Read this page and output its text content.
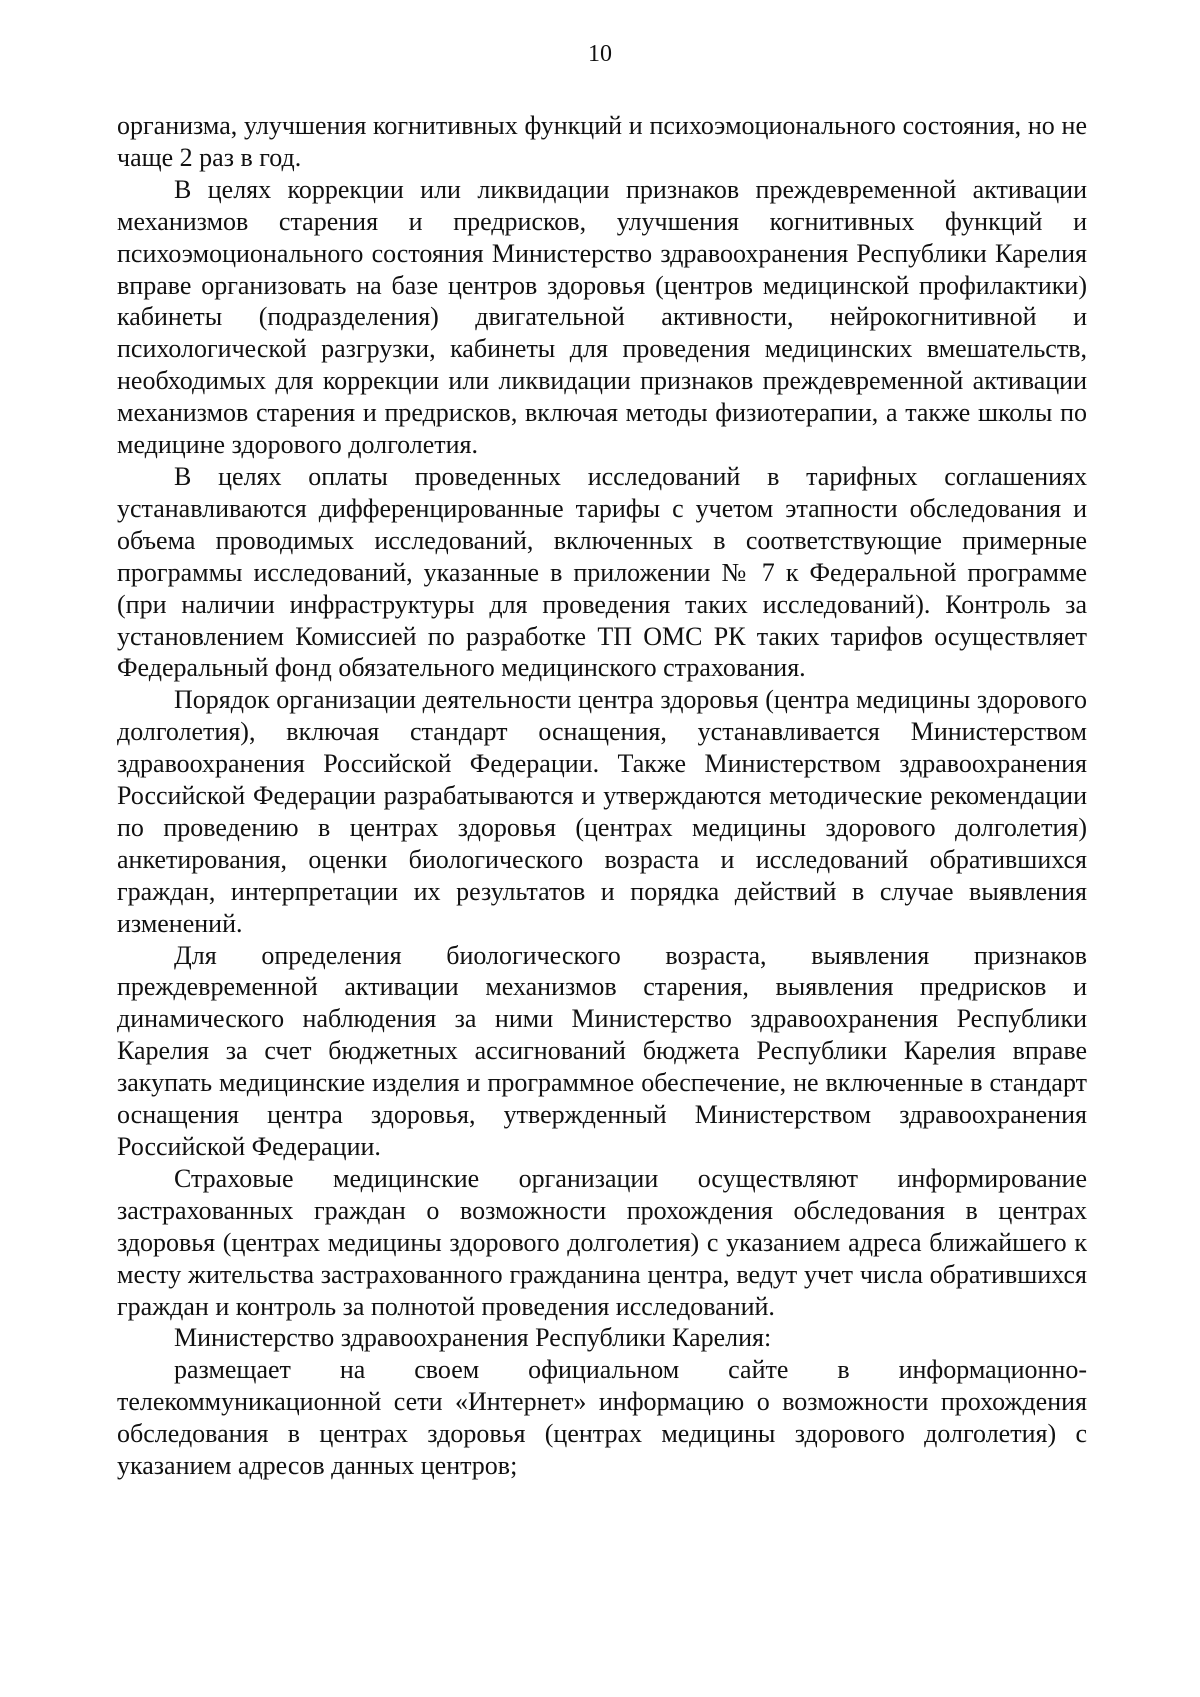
10

организма, улучшения когнитивных функций и психоэмоционального состояния, но не чаще 2 раз в год.

В целях коррекции или ликвидации признаков преждевременной активации механизмов старения и предрисков, улучшения когнитивных функций и психоэмоционального состояния Министерство здравоохранения Республики Карелия вправе организовать на базе центров здоровья (центров медицинской профилактики) кабинеты (подразделения) двигательной активности, нейрокогнитивной и психологической разгрузки, кабинеты для проведения медицинских вмешательств, необходимых для коррекции или ликвидации признаков преждевременной активации механизмов старения и предрисков, включая методы физиотерапии, а также школы по медицине здорового долголетия.

В целях оплаты проведенных исследований в тарифных соглашениях устанавливаются дифференцированные тарифы с учетом этапности обследования и объема проводимых исследований, включенных в соответствующие примерные программы исследований, указанные в приложении № 7 к Федеральной программе (при наличии инфраструктуры для проведения таких исследований). Контроль за установлением Комиссией по разработке ТП ОМС РК таких тарифов осуществляет Федеральный фонд обязательного медицинского страхования.

Порядок организации деятельности центра здоровья (центра медицины здорового долголетия), включая стандарт оснащения, устанавливается Министерством здравоохранения Российской Федерации. Также Министерством здравоохранения Российской Федерации разрабатываются и утверждаются методические рекомендации по проведению в центрах здоровья (центрах медицины здорового долголетия) анкетирования, оценки биологического возраста и исследований обратившихся граждан, интерпретации их результатов и порядка действий в случае выявления изменений.

Для определения биологического возраста, выявления признаков преждевременной активации механизмов старения, выявления предрисков и динамического наблюдения за ними Министерство здравоохранения Республики Карелия за счет бюджетных ассигнований бюджета Республики Карелия вправе закупать медицинские изделия и программное обеспечение, не включенные в стандарт оснащения центра здоровья, утвержденный Министерством здравоохранения Российской Федерации.

Страховые медицинские организации осуществляют информирование застрахованных граждан о возможности прохождения обследования в центрах здоровья (центрах медицины здорового долголетия) с указанием адреса ближайшего к месту жительства застрахованного гражданина центра, ведут учет числа обратившихся граждан и контроль за полнотой проведения исследований.

Министерство здравоохранения Республики Карелия:

размещает на своем официальном сайте в информационно-телекоммуникационной сети «Интернет» информацию о возможности прохождения обследования в центрах здоровья (центрах медицины здорового долголетия) с указанием адресов данных центров;
